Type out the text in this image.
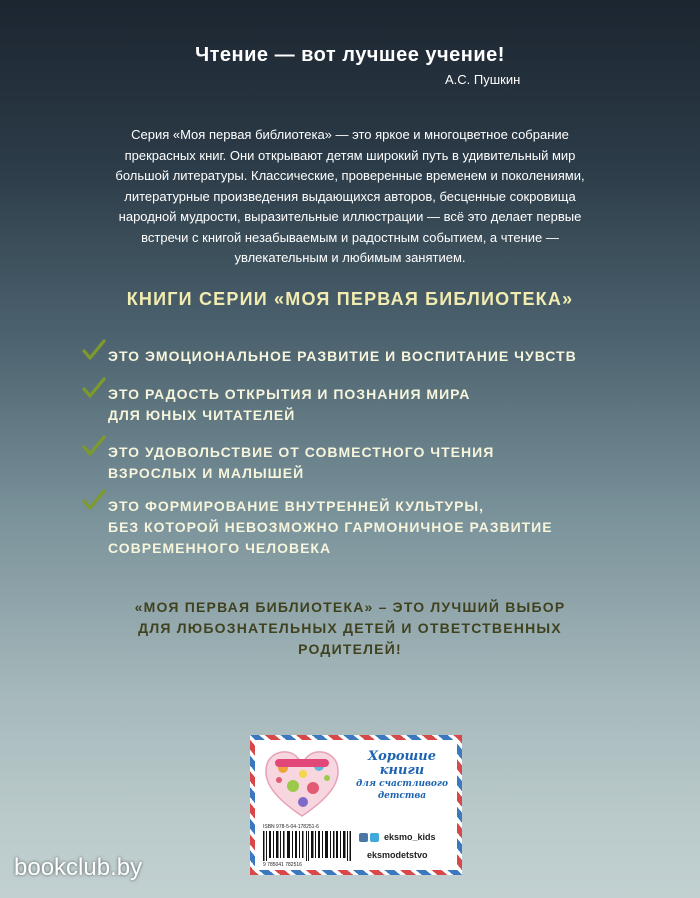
Чтение — вот лучшее учение!
А.С. Пушкин
Серия «Моя первая библиотека» — это яркое и многоцветное собрание
прекрасных книг. Они открывают детям широкий путь в удивительный мир
большой литературы. Классические, проверенные временем и поколениями,
литературные произведения выдающихся авторов, бесценные сокровища
народной мудрости, выразительные иллюстрации — всё это делает первые
встречи с книгой незабываемым и радостным событием, а чтение —
увлекательным и любимым занятием.
КНИГИ СЕРИИ «МОЯ ПЕРВАЯ БИБЛИОТЕКА»
ЭТО ЭМОЦИОНАЛЬНОЕ РАЗВИТИЕ И ВОСПИТАНИЕ ЧУВСТВ
ЭТО РАДОСТЬ ОТКРЫТИЯ И ПОЗНАНИЯ МИРА
ДЛЯ ЮНЫХ ЧИТАТЕЛЕЙ
ЭТО УДОВОЛЬСТВИЕ ОТ СОВМЕСТНОГО ЧТЕНИЯ
ВЗРОСЛЫХ И МАЛЫШЕЙ
ЭТО ФОРМИРОВАНИЕ ВНУТРЕННЕЙ КУЛЬТУРЫ,
БЕЗ КОТОРОЙ НЕВОЗМОЖНО ГАРМОНИЧНОЕ РАЗВИТИЕ
СОВРЕМЕННОГО ЧЕЛОВЕКА
«МОЯ ПЕРВАЯ БИБЛИОТЕКА» – ЭТО ЛУЧШИЙ ВЫБОР
ДЛЯ ЛЮБОЗНАТЕЛЬНЫХ ДЕТЕЙ И ОТВЕТСТВЕННЫХ
РОДИТЕЛЕЙ!
Хорошие
книги
для счастливого детства
ISBN 978-5-04-178251-6
9 785041 782516
eksmo_kids
eksmodetstvo
bookclub.by
